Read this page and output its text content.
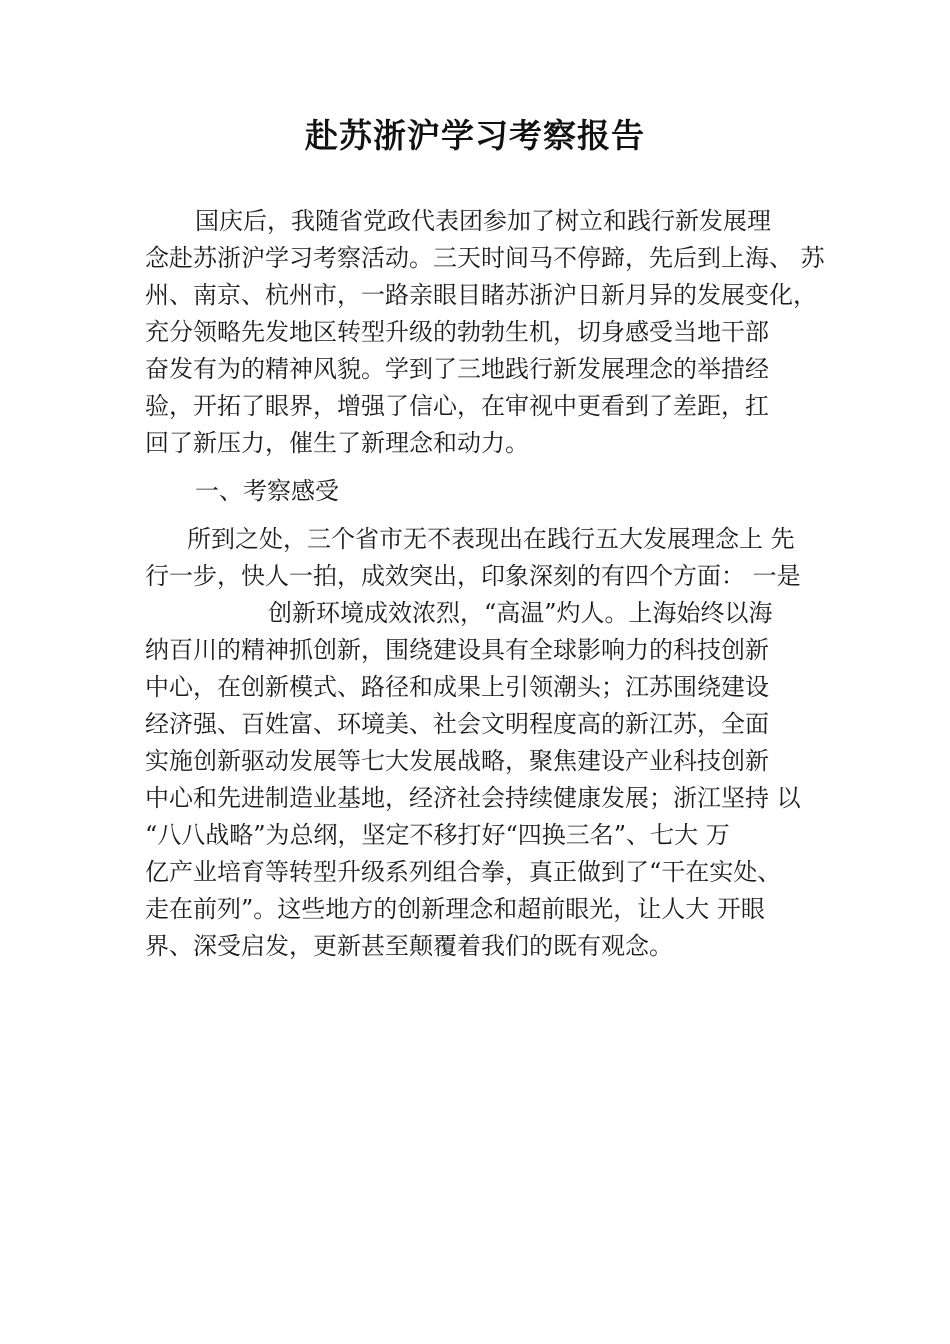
赴苏浙沪学习考察报告
国庆后，我随省党政代表团参加了树立和践行新发展理
念赴苏浙沪学习考察活动。三天时间马不停蹄，先后到上海、 苏
州、南京、杭州市，一路亲眼目睹苏浙沪日新月异的发展变化，
充分领略先发地区转型升级的勃勃生机，切身感受当地干部
奋发有为的精神风貌。学到了三地践行新发展理念的举措经
验，开拓了眼界，增强了信心，在审视中更看到了差距，扛
回了新压力，催生了新理念和动力。
一、考察感受
所到之处，三个省市无不表现出在践行五大发展理念上 先
行一步，快人一拍，成效突出，印象深刻的有四个方面： 一是
创新环境成效浓烈，“高温”灼人。上海始终以海
纳百川的精神抓创新，围绕建设具有全球影响力的科技创新
中心，在创新模式、路径和成果上引领潮头；江苏围绕建设
经济强、百姓富、环境美、社会文明程度高的新江苏，全面
实施创新驱动发展等七大发展战略，聚焦建设产业科技创新
中心和先进制造业基地，经济社会持续健康发展；浙江坚持 以
“八八战略”为总纲，坚定不移打好“四换三名”、七大 万
亿产业培育等转型升级系列组合拳，真正做到了“干在实处、
走在前列”。这些地方的创新理念和超前眼光，让人大 开眼
界、深受启发，更新甚至颠覆着我们的既有观念。
